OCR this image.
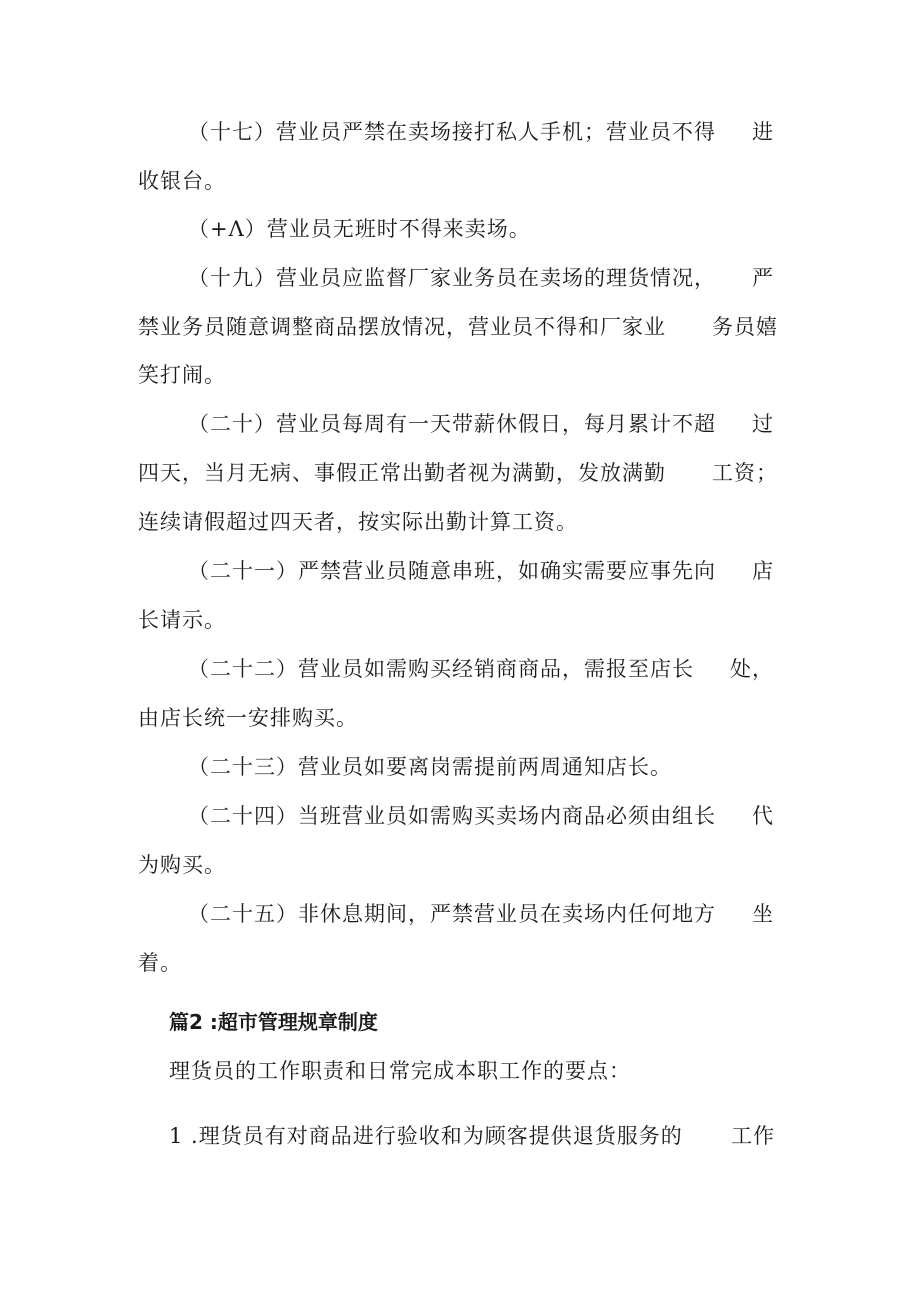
（十七）营业员严禁在卖场接打私人手机；营业员不得 进
收银台。
（+Λ）营业员无班时不得来卖场。
（十九）营业员应监督厂家业务员在卖场的理货情况， 严
禁业务员随意调整商品摆放情况，营业员不得和厂家业 务员嬉
笑打闹。
（二十）营业员每周有一天带薪休假日，每月累计不超 过
四天，当月无病、事假正常出勤者视为满勤，发放满勤 工资；
连续请假超过四天者，按实际出勤计算工资。
（二十一）严禁营业员随意串班，如确实需要应事先向 店
长请示。
（二十二）营业员如需购买经销商商品，需报至店长 处，
由店长统一安排购买。
（二十三）营业员如要离岗需提前两周通知店长。
（二十四）当班营业员如需购买卖场内商品必须由组长 代
为购买。
（二十五）非休息期间，严禁营业员在卖场内任何地方 坐
着。
篇2 :超市管理规章制度
理货员的工作职责和日常完成本职工作的要点：
1 .理货员有对商品进行验收和为顾客提供退货服务的 工作
